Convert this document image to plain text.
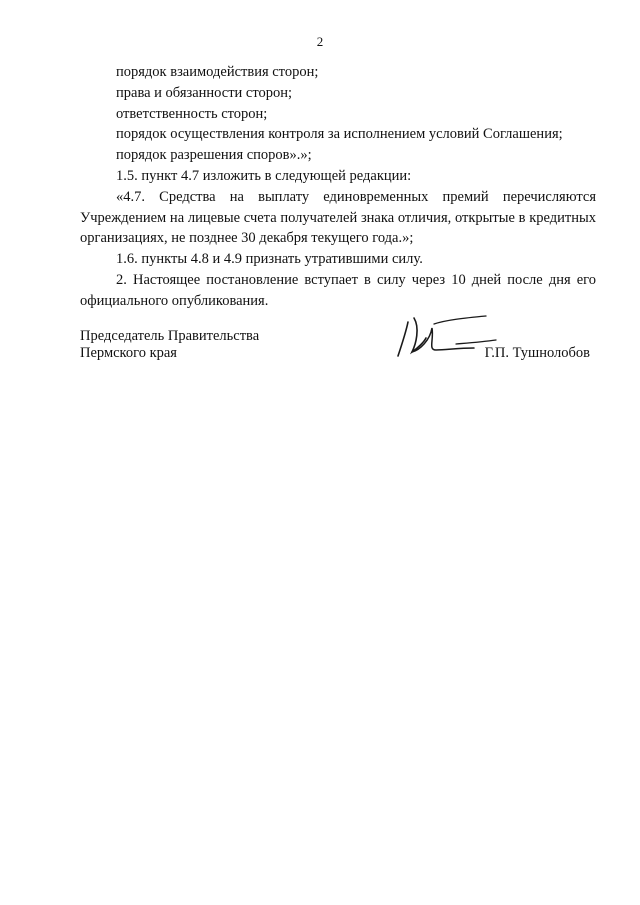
2

порядок взаимодействия сторон;

права и обязанности сторон;

ответственность сторон;

порядок осуществления контроля за исполнением условий Соглашения;

порядок разрешения споров».»;

1.5. пункт 4.7 изложить в следующей редакции:

«4.7. Средства на выплату единовременных премий перечисляются Учреждением на лицевые счета получателей знака отличия, открытые в кредитных организациях, не позднее 30 декабря текущего года.»;

1.6. пункты 4.8 и 4.9 признать утратившими силу.

2. Настоящее постановление вступает в силу через 10 дней после дня его официального опубликования.

Председатель Правительства
Пермского края	Г.П. Тушнолобов
